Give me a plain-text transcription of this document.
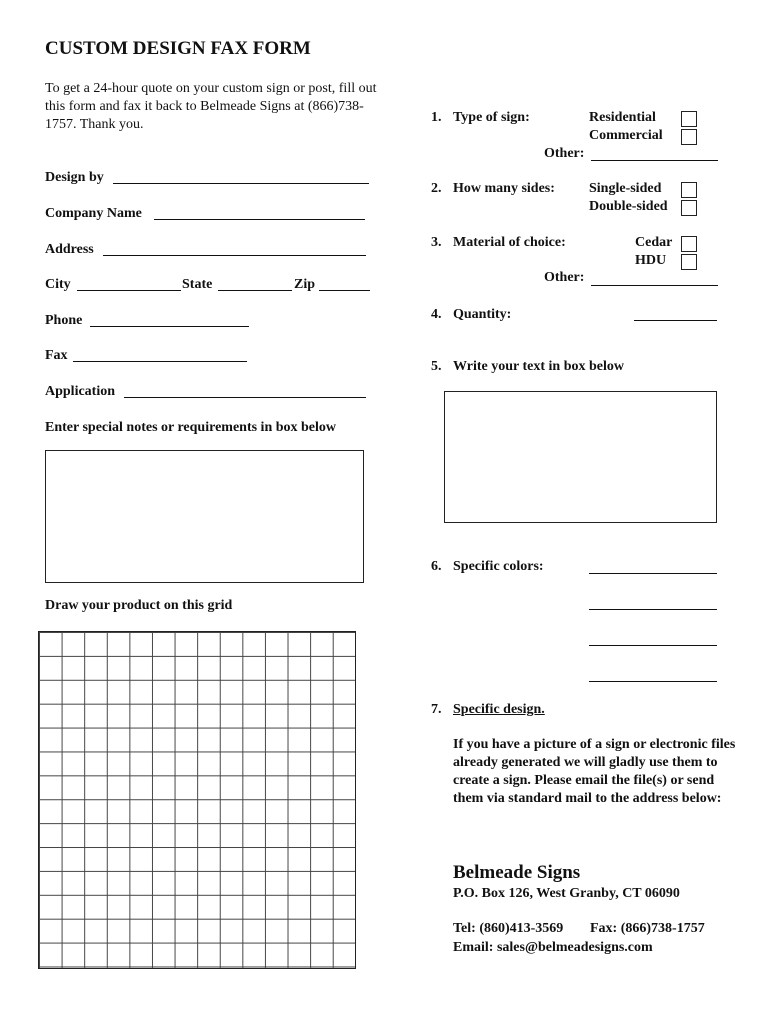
CUSTOM DESIGN FAX FORM
To get a 24-hour quote on your custom sign or post, fill out this form and fax it back to Belmeade Signs at (866)738-1757. Thank you.
Design by
Company Name
Address
City	State	Zip
Phone
Fax
Application
Enter special notes or requirements in box below
Draw your product on this grid
1. Type of sign:	Residential
Commercial
Other:
2. How many sides: Single-sided
Double-sided
3. Material of choice:	Cedar
HDU
Other:
4. Quantity:
5. Write your text in box below
6. Specific colors:
7. Specific design.
If you have a picture of a sign or electronic files already generated we will gladly use them to create a sign. Please email the file(s) or send them via standard mail to the address below:
Belmeade Signs
P.O. Box 126, West Granby, CT 06090
Tel: (860)413-3569 Fax: (866)738-1757
Email: sales@belmeadesigns.com
